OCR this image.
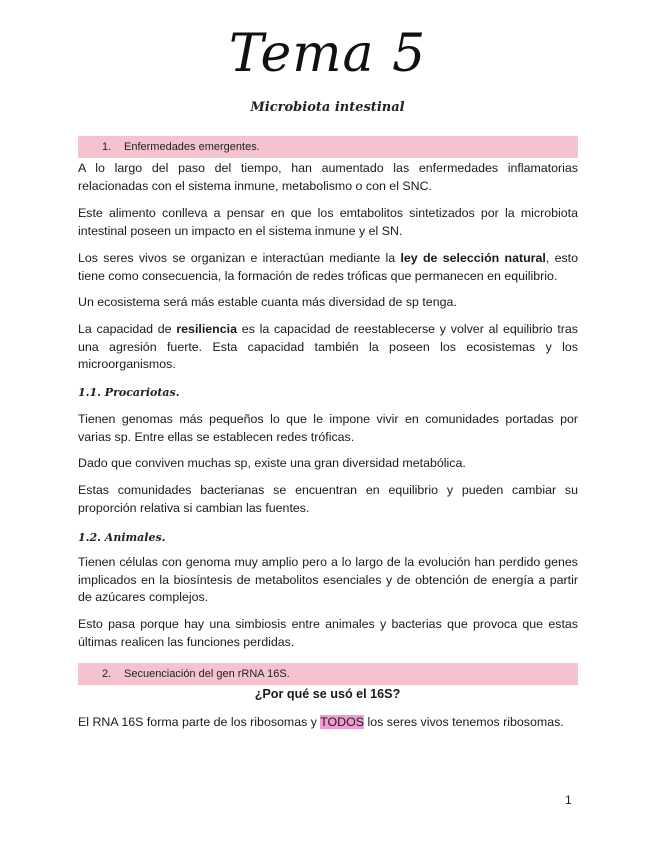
Tema 5
Microbiota intestinal
1. Enfermedades emergentes.

A lo largo del paso del tiempo, han aumentado las enfermedades inflamatorias relacionadas con el sistema inmune, metabolismo o con el SNC.

Este alimento conlleva a pensar en que los emtabolitos sintetizados por la microbiota intestinal poseen un impacto en el sistema inmune y el SN.

Los seres vivos se organizan e interactúan mediante la ley de selección natural, esto tiene como consecuencia, la formación de redes tróficas que permanecen en equilibrio.

Un ecosistema será más estable cuanta más diversidad de sp tenga.

La capacidad de resiliencia es la capacidad de reestablecerse y volver al equilibrio tras una agresión fuerte. Esta capacidad también la poseen los ecosistemas y los microorganismos.

1.1. Procariotas.

Tienen genomas más pequeños lo que le impone vivir en comunidades portadas por varias sp. Entre ellas se establecen redes tróficas.

Dado que conviven muchas sp, existe una gran diversidad metabólica.

Estas comunidades bacterianas se encuentran en equilibrio y pueden cambiar su proporción relativa si cambian las fuentes.

1.2. Animales.

Tienen células con genoma muy amplio pero a lo largo de la evolución han perdido genes implicados en la biosíntesis de metabolitos esenciales y de obtención de energía a partir de azúcares complejos.

Esto pasa porque hay una simbiosis entre animales y bacterias que provoca que estas últimas realicen las funciones perdidas.

2. Secuenciación del gen rRNA 16S.
¿Por qué se usó el 16S?

El RNA 16S forma parte de los ribosomas y TODOS los seres vivos tenemos ribosomas.

1
